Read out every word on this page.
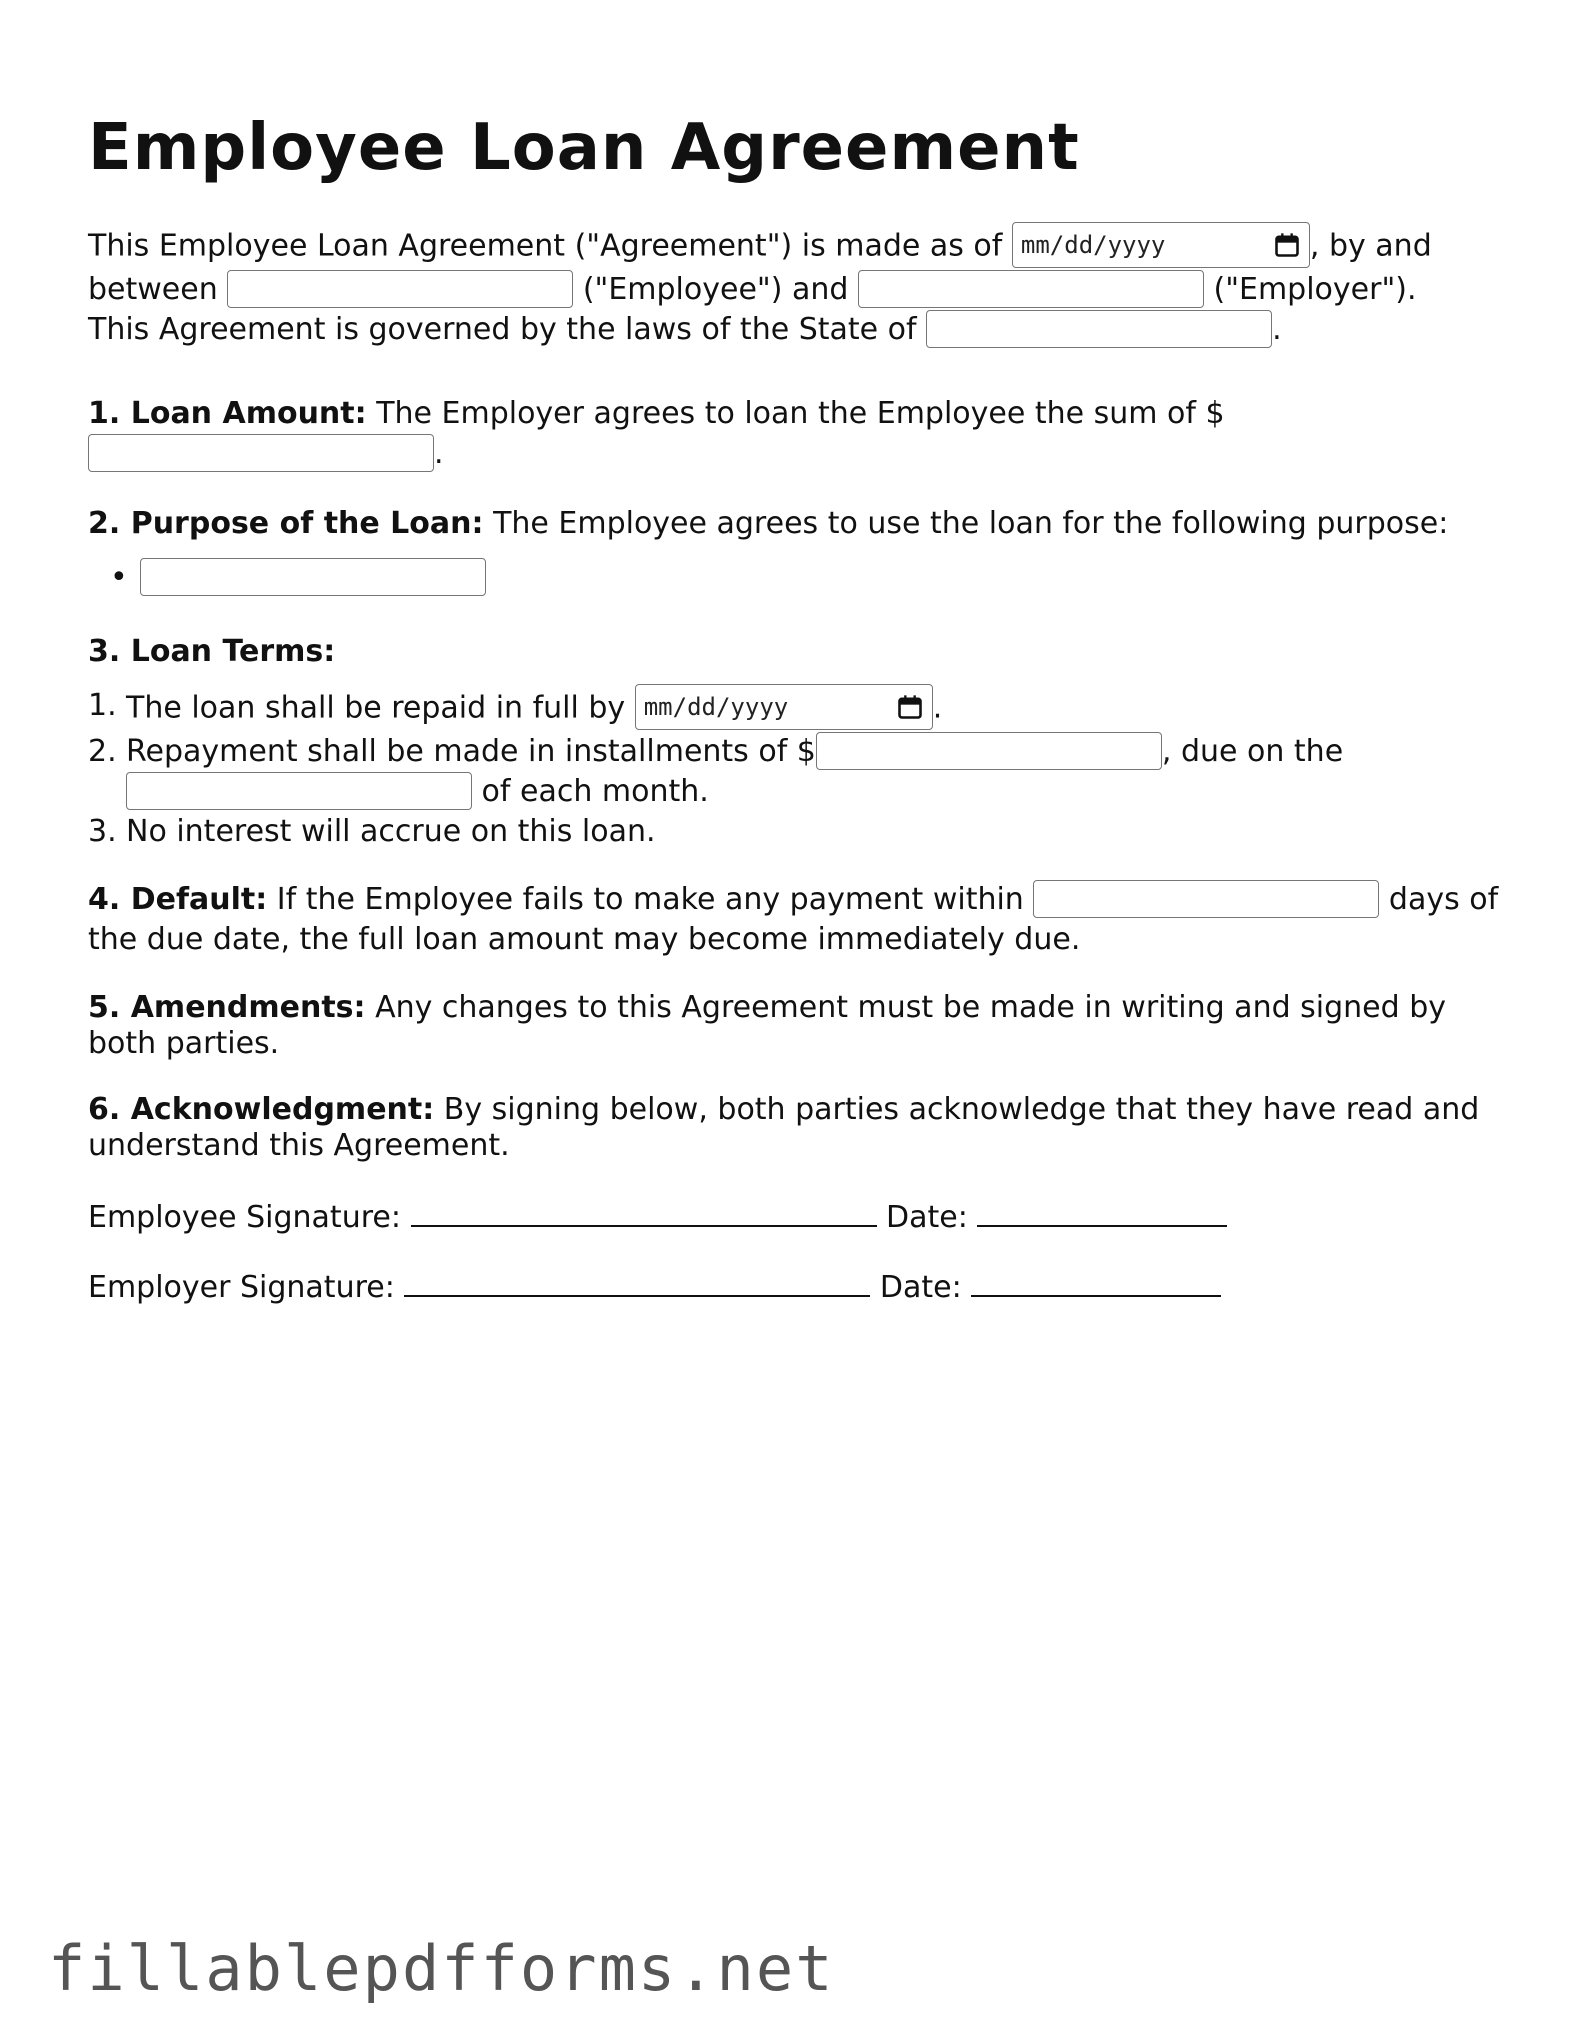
Employee Loan Agreement

This Employee Loan Agreement ("Agreement") is made as of mm/dd/yyyy	, by and
between	("Employee") and	("Employer").
This Agreement is governed by the laws of the State of	.

1. Loan Amount: The Employer agrees to loan the Employee the sum of $
.

2. Purpose of the Loan: The Employee agrees to use the loan for the following purpose:

•

3. Loan Terms:

1. The loan shall be repaid in full by mm/dd/yyyy	.
2. Repayment shall be made in installments of $	, due on the
of each month.
3. No interest will accrue on this loan.

4. Default: If the Employee fails to make any payment within	days of the due date, the full loan amount may become immediately due.

5. Amendments: Any changes to this Agreement must be made in writing and signed by both parties.

6. Acknowledgment: By signing below, both parties acknowledge that they have read and understand this Agreement.

Employee Signature:	Date:
Employer Signature:	Date:
fillablepdfforms.net
